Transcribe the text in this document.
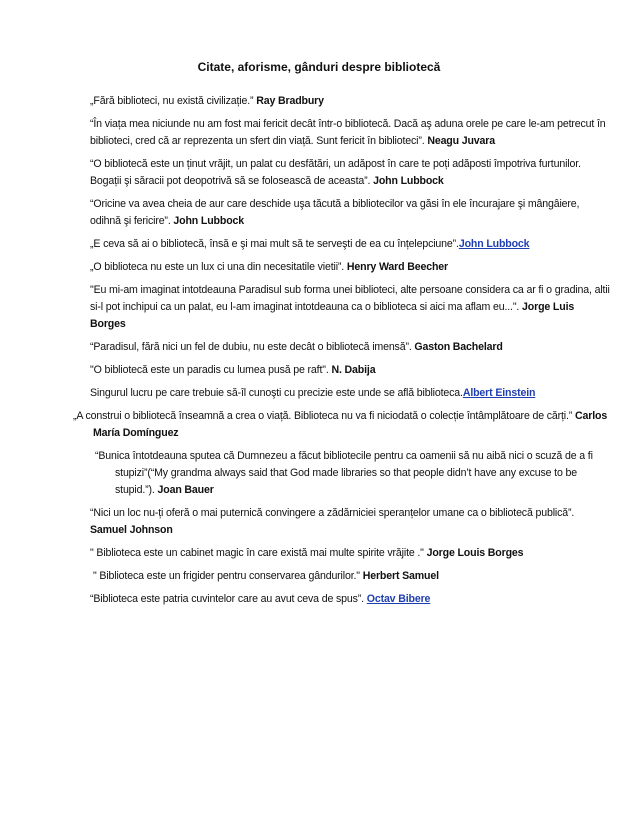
Citate, aforisme, gânduri despre bibliotecă

„Fără biblioteci, nu există civilizație.” Ray Bradbury

“În viața mea niciunde nu am fost mai fericit decât într-o bibliotecă. Dacă aş aduna orele pe care le-am petrecut în biblioteci, cred că ar reprezenta un sfert din viață. Sunt fericit în biblioteci”. Neagu Juvara

“O bibliotecă este un ținut vrăjit, un palat cu desfătări, un adăpost în care te poți adăposti împotriva furtunilor. Bogații şi săracii pot deopotrivă să se folosească de aceasta”. John Lubbock

“Oricine va avea cheia de aur care deschide uşa tăcută a bibliotecilor va găsi în ele încurajare şi mângâiere, odihnă şi fericire”. John Lubbock

„E ceva să ai o bibliotecă, însă e şi mai mult să te serveşti de ea cu înțelepciune”.John Lubbock

„O biblioteca nu este un lux ci una din necesitatile vietii”. Henry Ward Beecher

"Eu mi-am imaginat intotdeauna Paradisul sub forma unei biblioteci, alte persoane considera ca ar fi o gradina, altii si-l pot inchipui ca un palat, eu l-am imaginat intotdeauna ca o biblioteca si aici ma aflam eu...". Jorge Luis Borges

“Paradisul, fără nici un fel de dubiu, nu este decât o bibliotecă imensă”. Gaston Bachelard

"O bibliotecă este un paradis cu lumea pusă pe raft". N. Dabija

Singurul lucru pe care trebuie să-îl cunoşti cu precizie este unde se află biblioteca.Albert Einstein

„A construi o bibliotecă înseamnă a crea o viață. Biblioteca nu va fi niciodată o colecție întâmplătoare de cărți.” Carlos María Domínguez

“Bunica întotdeauna sputea că Dumnezeu a făcut bibliotecile pentru ca oamenii să nu aibă nici o scuză de a fi stupizi”(“My grandma always said that God made libraries so that people didn’t have any excuse to be stupid.”). Joan Bauer

“Nici un loc nu-ți oferă o mai puternică convingere a zădărniciei speranțelor umane ca o bibliotecă publică”. Samuel Johnson

" Biblioteca este un cabinet magic în care există mai multe spirite vrăjite ." Jorge Louis Borges

" Biblioteca este un frigider pentru conservarea gândurilor." Herbert Samuel

“Biblioteca este patria cuvintelor care au avut ceva de spus”. Octav Bibere
